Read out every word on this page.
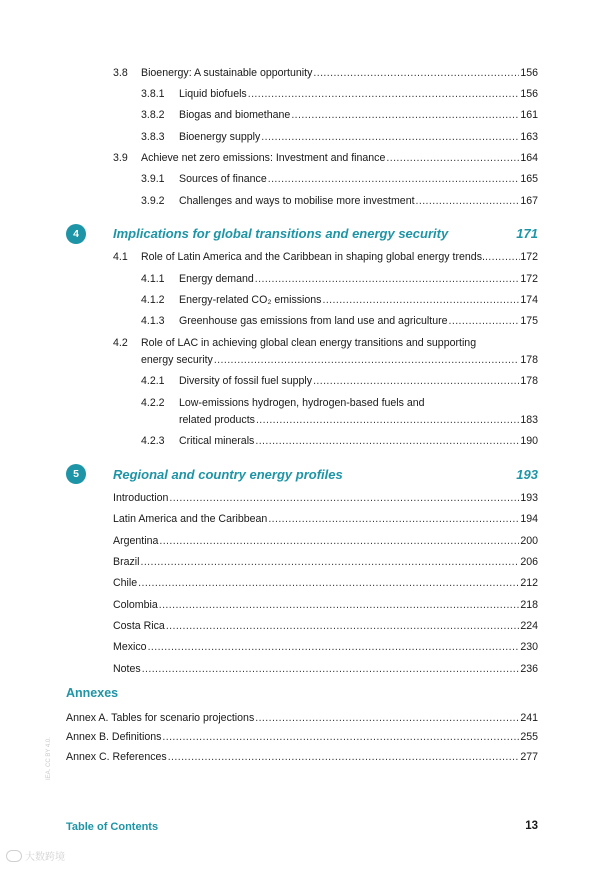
3.8	Bioenergy: A sustainable opportunity .....	156
3.8.1	Liquid biofuels .....	156
3.8.2	Biogas and biomethane .....	161
3.8.3	Bioenergy supply .....	163
3.9	Achieve net zero emissions: Investment and finance .....	164
3.9.1	Sources of finance .....	165
3.9.2	Challenges and ways to mobilise more investment .....	167
4	Implications for global transitions and energy security	171
4.1	Role of Latin America and the Caribbean in shaping global energy trends. .....	172
4.1.1	Energy demand .....	172
4.1.2	Energy-related CO₂ emissions .....	174
4.1.3	Greenhouse gas emissions from land use and agriculture .....	175
4.2 Role of LAC in achieving global clean energy transitions and supporting
energy security .....	178
4.2.1	Diversity of fossil fuel supply .....	178
4.2.2 Low-emissions hydrogen, hydrogen-based fuels and
related products .....	183
4.2.3	Critical minerals .....	190
5	Regional and country energy profiles	193
Introduction .....	193
Latin America and the Caribbean .....	194
Argentina .....	200
Brazil .....	206
Chile .....	212
Colombia .....	218
Costa Rica .....	224
Mexico .....	230
Notes .....	236
Annexes
Annex A. Tables for scenario projections .....	241
Annex B. Definitions .....	255
Annex C. References .....	277
IEA. CC BY 4.0.
Table of Contents	13
大数跨境
